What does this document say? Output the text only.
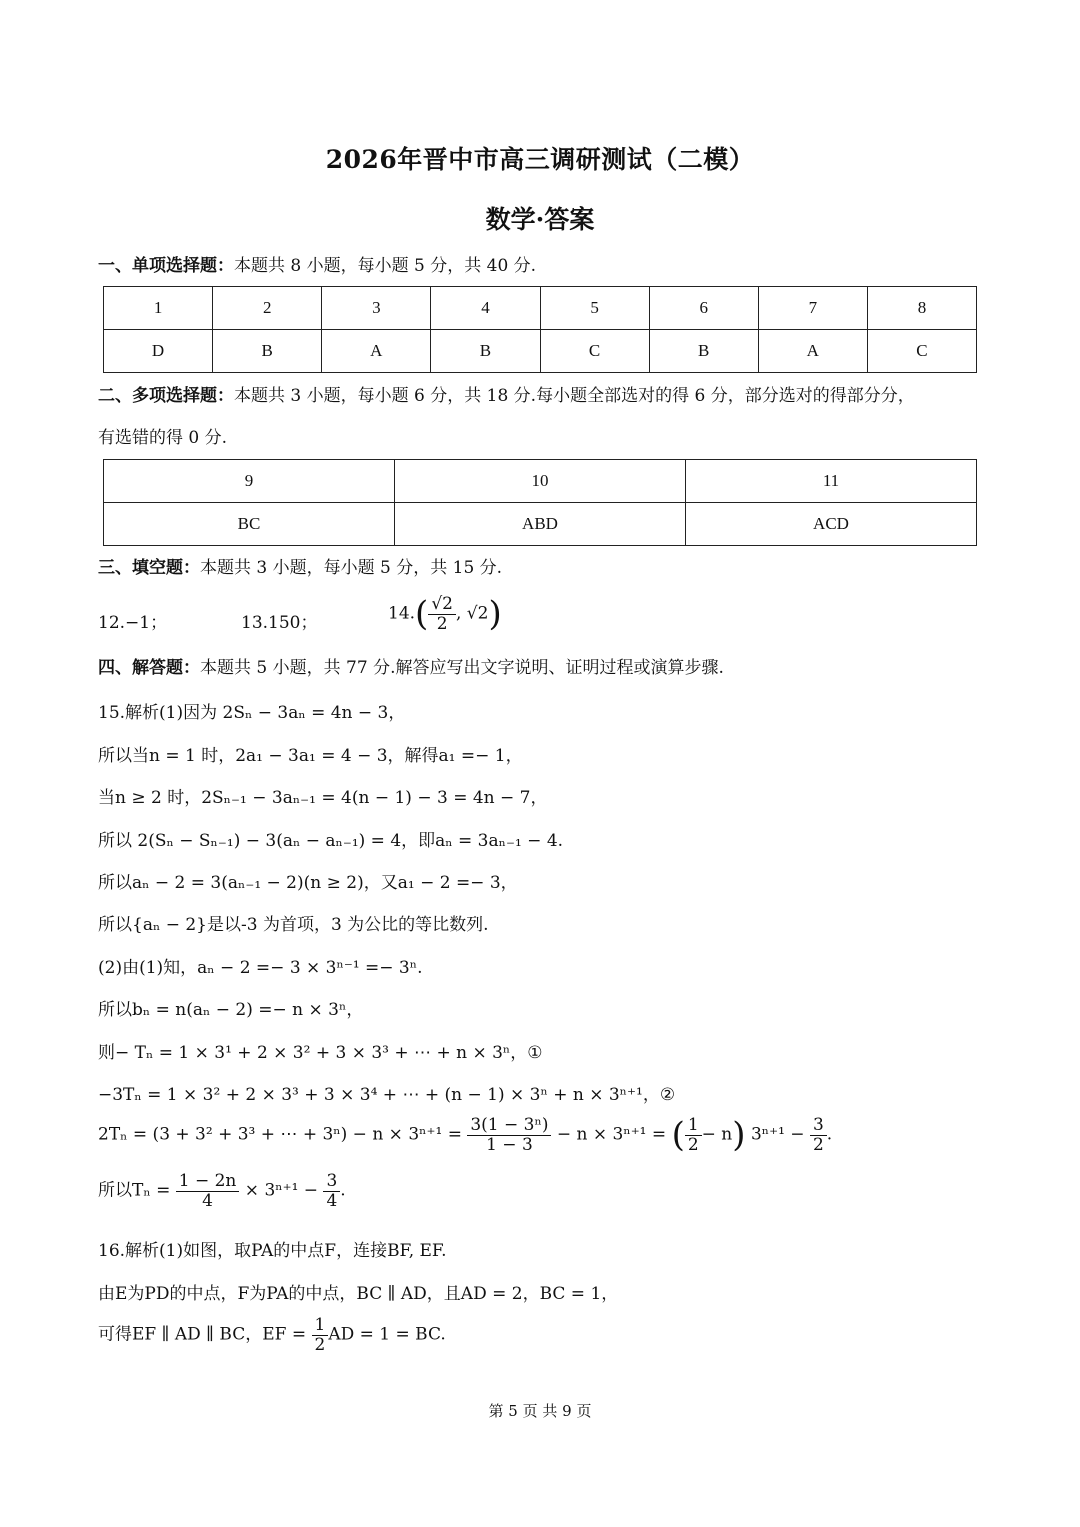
2026年晋中市高三调研测试（二模）
数学·答案
一、单项选择题：本题共 8 小题，每小题 5 分，共 40 分.
1	2	3	4	5	6	7	8
D	B	A	B	C	B	A	C
二、多项选择题：本题共 3 小题，每小题 6 分，共 18 分.每小题全部选对的得 6 分，部分选对的得部分分，
有选错的得 0 分.
9	10	11
BC	ABD	ACD
三、填空题：本题共 3 小题，每小题 5 分，共 15 分.
12.−1；	13.150；	$14.( \frac{√2}{2}$ , √2)
四、解答题：本题共 5 小题，共 77 分.解答应写出文字说明、证明过程或演算步骤.
15.解析(1)因为 2Sₙ − 3aₙ = 4n − 3，
所以当n = 1 时，2a₁ − 3a₁ = 4 − 3，解得a₁ =− 1，
当n ≥ 2 时，2Sₙ₋₁ − 3aₙ₋₁ = 4(n − 1) − 3 = 4n − 7，
所以 2(Sₙ − Sₙ₋₁) − 3(aₙ − aₙ₋₁) = 4，即aₙ = 3aₙ₋₁ − 4.
所以aₙ − 2 = 3(aₙ₋₁ − 2)(n ≥ 2)，又a₁ − 2 =− 3，
所以{aₙ − 2}是以-3 为首项，3 为公比的等比数列.
(2)由(1)知，aₙ − 2 =− 3 × 3ⁿ⁻¹ =− 3ⁿ.
所以bₙ = n(aₙ − 2) =− n × 3ⁿ，
则− Tₙ = 1 × 3¹ + 2 × 3² + 3 × 3³ + ⋯ + n × 3ⁿ，①
−3Tₙ = 1 × 3² + 2 × 3³ + 3 × 3⁴ + ⋯ + (n − 1) × 3ⁿ + n × 3ⁿ⁺¹，②
2Tₙ = (3 + 3² + 3³ + ⋯ + $3^n) - n \times 3^{n+1} = \frac{\text{3(1 − 3ⁿ)}}{1 - 3} - n \times 3^{n+1}$ = ( $\frac{1}{2} - n$) $3^{n+1} - \frac{3}{2}$ .
所以$T_n = \frac{1 - 2n}{4} \times 3^{n+1} - \frac{3}{4}$ .
16.解析(1)如图，取PA的中点F，连接BF, EF.
由E为PD的中点，F为PA的中点，BC ∥ AD，且AD = 2，BC = 1，
可得EF ∥ AD ∥ BC，EF = $\frac{1}{2}$ AD = 1 = BC.
第 5 页 共 9 页
